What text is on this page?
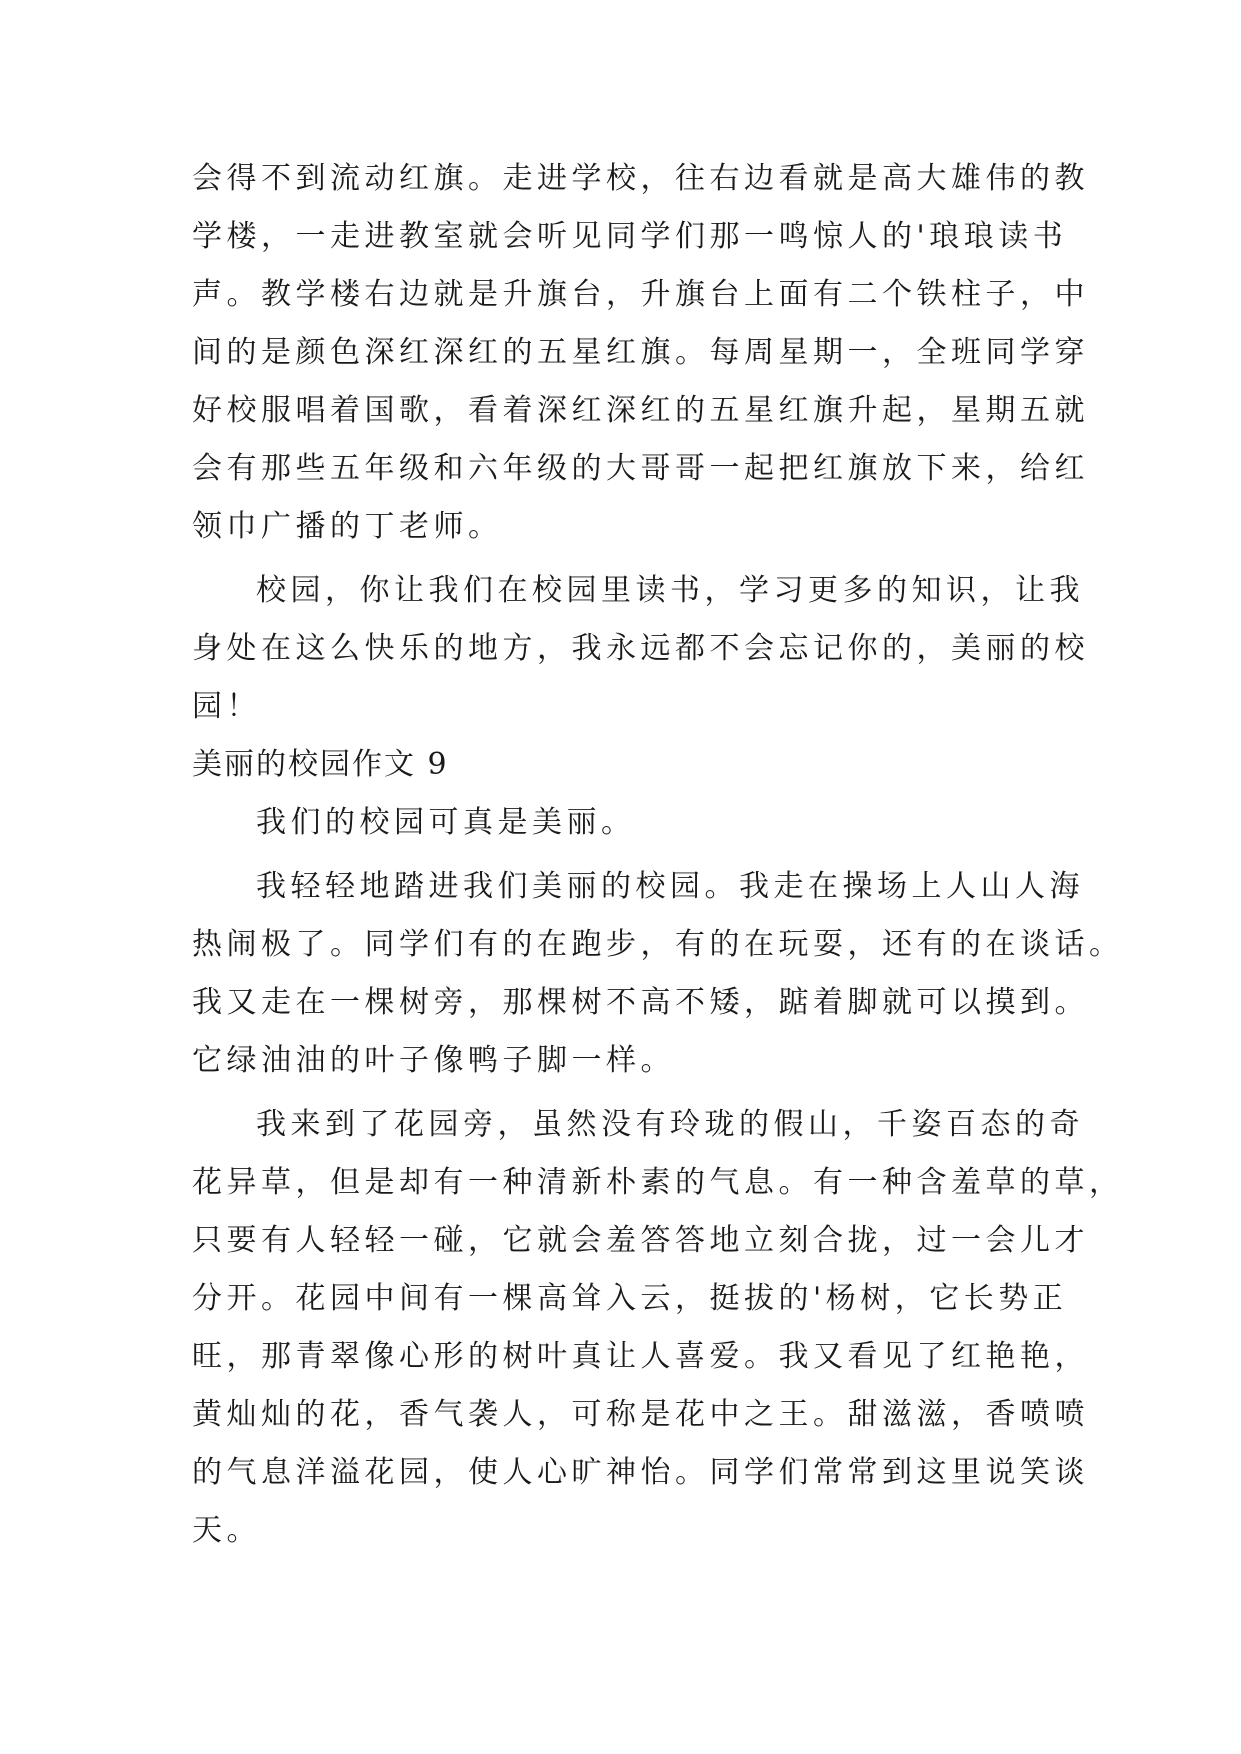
会得不到流动红旗。走进学校，往右边看就是高大雄伟的教
学楼，一走进教室就会听见同学们那一鸣惊人的'琅琅读书
声。教学楼右边就是升旗台，升旗台上面有二个铁柱子，中
间的是颜色深红深红的五星红旗。每周星期一，全班同学穿
好校服唱着国歌，看着深红深红的五星红旗升起，星期五就
会有那些五年级和六年级的大哥哥一起把红旗放下来，给红
领巾广播的丁老师。
校园，你让我们在校园里读书，学习更多的知识，让我
身处在这么快乐的地方，我永远都不会忘记你的，美丽的校
园！
美丽的校园作文 9
我们的校园可真是美丽。
我轻轻地踏进我们美丽的校园。我走在操场上人山人海
热闹极了。同学们有的在跑步，有的在玩耍，还有的在谈话。
我又走在一棵树旁，那棵树不高不矮，踮着脚就可以摸到。
它绿油油的叶子像鸭子脚一样。
我来到了花园旁，虽然没有玲珑的假山，千姿百态的奇
花异草，但是却有一种清新朴素的气息。有一种含羞草的草，
只要有人轻轻一碰，它就会羞答答地立刻合拢，过一会儿才
分开。花园中间有一棵高耸入云，挺拔的'杨树，它长势正
旺，那青翠像心形的树叶真让人喜爱。我又看见了红艳艳，
黄灿灿的花，香气袭人，可称是花中之王。甜滋滋，香喷喷
的气息洋溢花园，使人心旷神怡。同学们常常到这里说笑谈
天。
